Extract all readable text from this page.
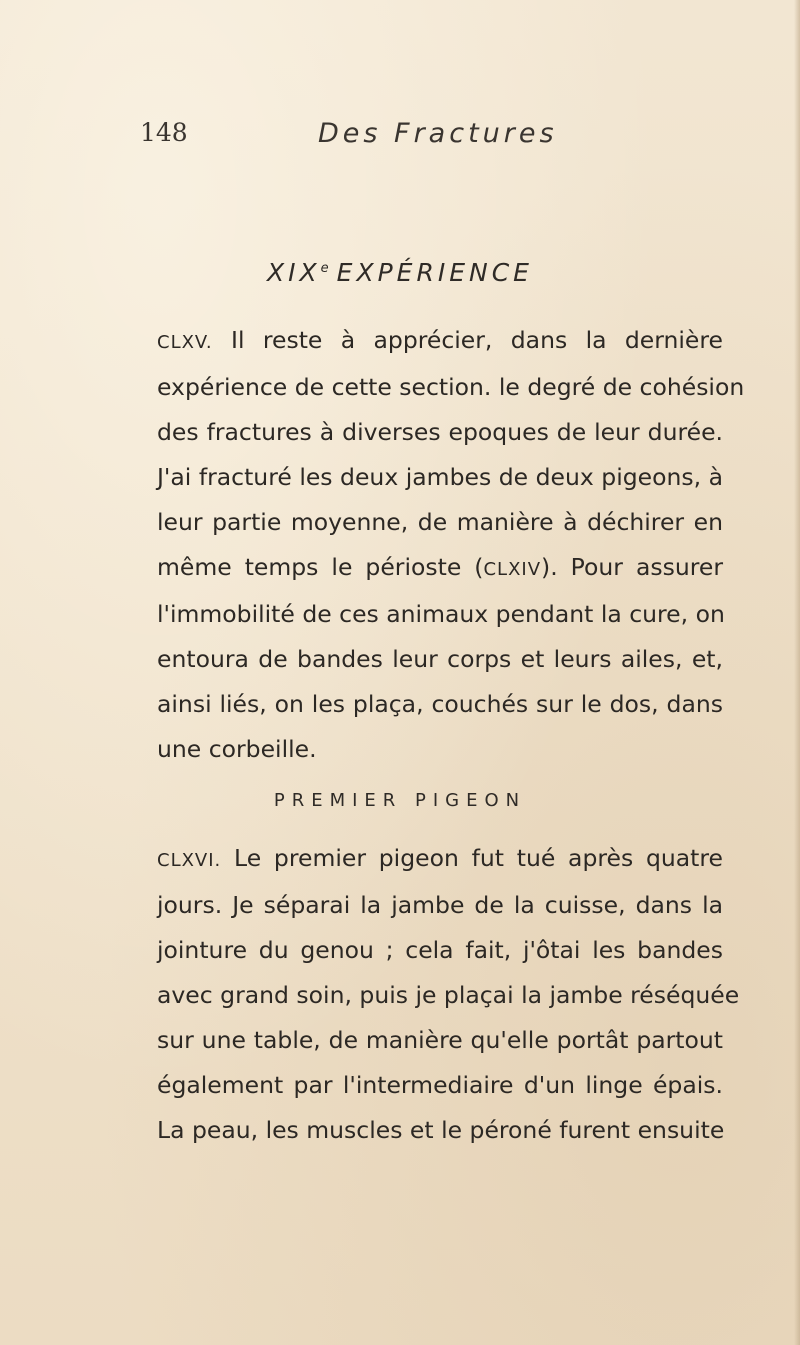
148	Des Fractures
XIXe EXPÉRIENCE
CLXV. Il reste à apprécier, dans la dernière
expérience de cette section. le degré de cohésion
des fractures à diverses epoques de leur durée.
J'ai fracturé les deux jambes de deux pigeons, à
leur partie moyenne, de manière à déchirer en
même temps le périoste (CLXIV). Pour assurer
l'immobilité de ces animaux pendant la cure, on
entoura de bandes leur corps et leurs ailes, et,
ainsi liés, on les plaça, couchés sur le dos, dans
une corbeille.
PREMIER PIGEON
CLXVI. Le premier pigeon fut tué après quatre
jours. Je séparai la jambe de la cuisse, dans la
jointure du genou ; cela fait, j'ôtai les bandes
avec grand soin, puis je plaçai la jambe réséquée
sur une table, de manière qu'elle portât partout
également par l'intermediaire d'un linge épais.
La peau, les muscles et le péroné furent ensuite
